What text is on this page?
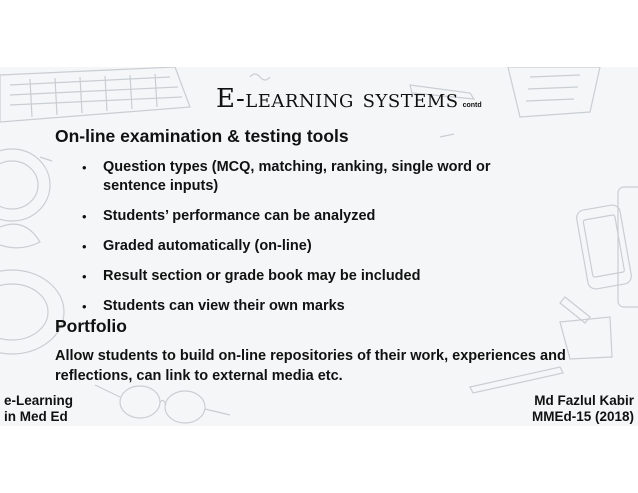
E-learning systems contd
On-line examination & testing tools
• Question types (MCQ, matching, ranking, single word or sentence inputs)
• Students’ performance can be analyzed
• Graded automatically (on-line)
• Result section or grade book may be included
• Students can view their own marks
Portfolio

Allow students to build on-line repositories of their work, experiences and reflections, can link to external media etc.

e-Learning
in Med Ed
Md Fazlul Kabir
MMEd-15 (2018)
